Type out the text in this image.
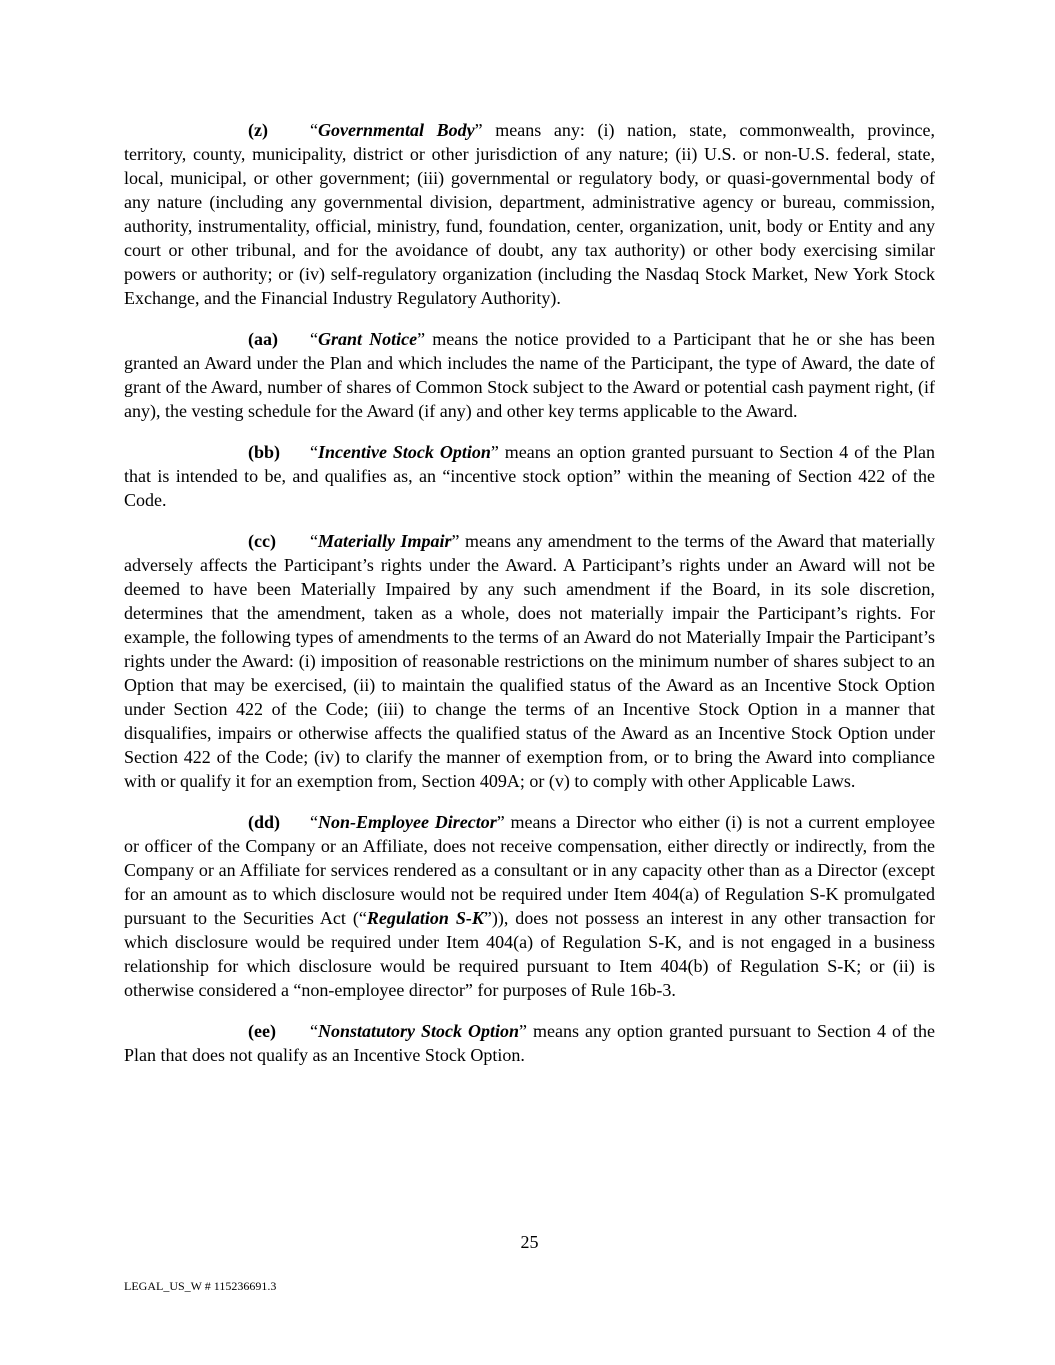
(z) “Governmental Body” means any: (i) nation, state, commonwealth, province, territory, county, municipality, district or other jurisdiction of any nature; (ii) U.S. or non-U.S. federal, state, local, municipal, or other government; (iii) governmental or regulatory body, or quasi-governmental body of any nature (including any governmental division, department, administrative agency or bureau, commission, authority, instrumentality, official, ministry, fund, foundation, center, organization, unit, body or Entity and any court or other tribunal, and for the avoidance of doubt, any tax authority) or other body exercising similar powers or authority; or (iv) self-regulatory organization (including the Nasdaq Stock Market, New York Stock Exchange, and the Financial Industry Regulatory Authority).

(aa) “Grant Notice” means the notice provided to a Participant that he or she has been granted an Award under the Plan and which includes the name of the Participant, the type of Award, the date of grant of the Award, number of shares of Common Stock subject to the Award or potential cash payment right, (if any), the vesting schedule for the Award (if any) and other key terms applicable to the Award.

(bb) “Incentive Stock Option” means an option granted pursuant to Section 4 of the Plan that is intended to be, and qualifies as, an “incentive stock option” within the meaning of Section 422 of the Code.

(cc) “Materially Impair” means any amendment to the terms of the Award that materially adversely affects the Participant’s rights under the Award. A Participant’s rights under an Award will not be deemed to have been Materially Impaired by any such amendment if the Board, in its sole discretion, determines that the amendment, taken as a whole, does not materially impair the Participant’s rights. For example, the following types of amendments to the terms of an Award do not Materially Impair the Participant’s rights under the Award: (i) imposition of reasonable restrictions on the minimum number of shares subject to an Option that may be exercised, (ii) to maintain the qualified status of the Award as an Incentive Stock Option under Section 422 of the Code; (iii) to change the terms of an Incentive Stock Option in a manner that disqualifies, impairs or otherwise affects the qualified status of the Award as an Incentive Stock Option under Section 422 of the Code; (iv) to clarify the manner of exemption from, or to bring the Award into compliance with or qualify it for an exemption from, Section 409A; or (v) to comply with other Applicable Laws.

(dd) “Non-Employee Director” means a Director who either (i) is not a current employee or officer of the Company or an Affiliate, does not receive compensation, either directly or indirectly, from the Company or an Affiliate for services rendered as a consultant or in any capacity other than as a Director (except for an amount as to which disclosure would not be required under Item 404(a) of Regulation S-K promulgated pursuant to the Securities Act (“Regulation S-K”)), does not possess an interest in any other transaction for which disclosure would be required under Item 404(a) of Regulation S-K, and is not engaged in a business relationship for which disclosure would be required pursuant to Item 404(b) of Regulation S-K; or (ii) is otherwise considered a “non-employee director” for purposes of Rule 16b-3.

(ee) “Nonstatutory Stock Option” means any option granted pursuant to Section 4 of the Plan that does not qualify as an Incentive Stock Option.

25
LEGAL_US_W # 115236691.3
